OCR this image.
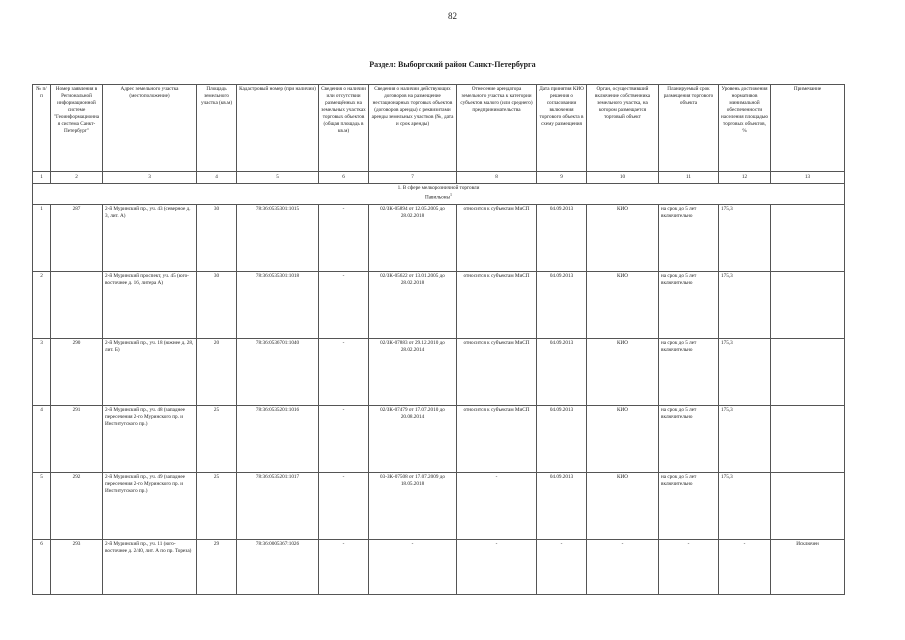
82
Раздел: Выборгский район Санкт-Петербурга
№ п/п	Номер заявления в Региональной информационной системе "Геоинформационная система Санкт-Петербург"	Адрес земельного участка (местоположение)	Площадь земельного участка (кв.м)	Кадастровый номер (при наличии)	Сведения о наличии или отсутствии размещённых на земельных участках торговых объектов (общая площадь в кв.м)	Сведения о наличии действующих договоров на размещение нестационарных торговых объектов (договоров аренды) с реквизитами аренды земельных участков (№, дата и срок аренды)	Отнесение арендатора земельного участка к категории субъектов малого (или среднего) предпринимательства	Дата принятия КИО решения о согласовании включения торгового объекта в схему размещения	Орган, осуществивший включение собственника земельного участка, на котором размещается торговый объект	Планируемый срок размещения торгового объекта	Уровень достижения нормативов минимальной обеспеченности населения площадью торговых объектов, %	Примечание
1	2	3	4	5	6	7	8	9	10	11	12	13

1. В сфере мелкорозничной торговли
Павильоны$^1$

1	287	2-й Муринский пр., уч. 43 (северное д. 3, лит. А)	30	78:36:0535301:1015	-	02/ЗК-05894 от 12.05.2005 до 28.02.2018	относится к субъектам МиСП	04.09.2013	КИО	на срок до 5 лет включительно	175,3	
2		2-й Муринский проспект, уч. 45 (юго-восточнее д. 16, литера А)	30	78:36:0535301:1018	-	02/ЗК-05622 от 13.01.2005 до 28.02.2018	относится к субъектам МиСП	04.09.2013	КИО	на срок до 5 лет включительно	175,3	
3	290	2-й Муринский пр., уч. 18 (южнее д. 28, лит. Б)	20	78:36:0536701:1040	-	02/ЗК-07883 от 29.12.2010 до 28.02.2014	относится к субъектам МиСП	04.09.2013	КИО	на срок до 5 лет включительно	175,3	
4	291	2-й Муринский пр., уч. 48 (западнее пересечения 2-го Муринского пр. и Институтского пр.)	25	78:36:0535201:1016	-	02/ЗК-07479 от 17.07.2010 до 20.08.2014	относится к субъектам МиСП	04.09.2013	КИО	на срок до 5 лет включительно	175,3	
5	292	2-й Муринский пр., уч. 49 (западнее пересечения 2-го Муринского пр. и Институтского пр.)	25	78:36:0535201:1017	-	03-ЗК-07508 от 17.07.2009 до 18.05.2018	-	04.09.2013	КИО	на срок до 5 лет включительно	175,3	
6	293	2-й Муринский пр., уч. 11 (юго-восточнее д. 2/40, лит. А по пр. Тореза)	29	78:36:0005367:1026	-	-	-	-	-	-	-	Исключен
